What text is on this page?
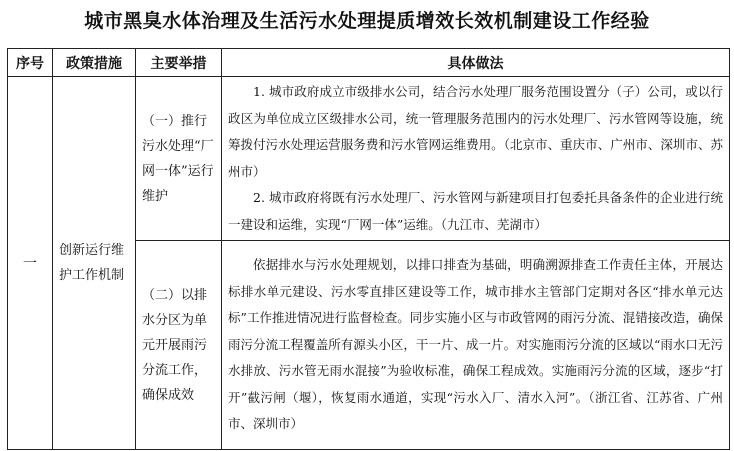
城市黑臭水体治理及生活污水处理提质增效长效机制建设工作经验
序号	政策措施	主要举措	具体做法
一	创新运行维护工作机制	（一）推行污水处理“厂网一体”运行维护	1. 城市政府成立市级排水公司，结合污水处理厂服务范围设置分（子）公司，或以行政区为单位成立区级排水公司，统一管理服务范围内的污水处理厂、污水管网等设施，统筹拨付污水处理运营服务费和污水管网运维费用。（北京市、重庆市、广州市、深圳市、苏州市）

2. 城市政府将既有污水处理厂、污水管网与新建项目打包委托具备条件的企业进行统一建设和运维，实现“厂网一体”运维。（九江市、芜湖市）

		（二）以排水分区为单元开展雨污分流工作，确保成效	依据排水与污水处理规划，以排口排查为基础，明确溯源排查工作责任主体，开展达标排水单元建设、污水零直排区建设等工作，城市排水主管部门定期对各区“排水单元达标”工作推进情况进行监督检查。同步实施小区与市政管网的雨污分流、混错接改造，确保雨污分流工程覆盖所有源头小区，干一片、成一片。对实施雨污分流的区域以“雨水口无污水排放、污水管无雨水混接”为验收标准，确保工程成效。实施雨污分流的区域，逐步“打开”截污闸（堰），恢复雨水通道，实现“污水入厂、清水入河”。（浙江省、江苏省、广州市、深圳市）
